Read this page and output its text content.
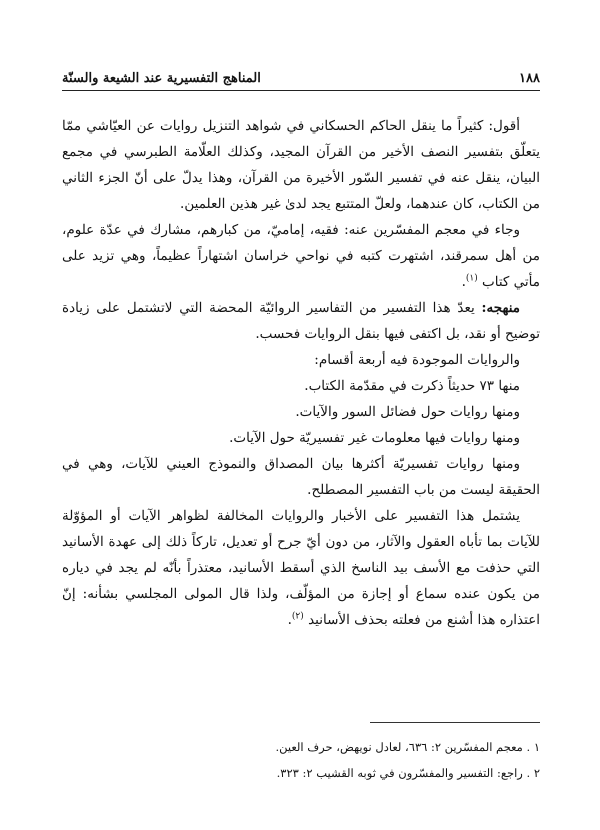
١٨٨
المناهج التفسيرية عند الشيعة والسنّة

أقول: كثيراً ما ينقل الحاكم الحسكاني في شواهد التنزيل روايات عن العيّاشي ممّا يتعلّق بتفسير النصف الأخير من القرآن المجيد، وكذلك العلّامة الطبرسي في مجمع البيان، ينقل عنه في تفسير السّور الأخيرة من القرآن، وهذا يدلّ على أنّ الجزء الثاني من الكتاب، كان عندهما، ولعلّ المتتبع يجد لدىٰ غير هذين العلمين.

وجاء في معجم المفسّرين عنه: فقيه، إماميّ، من كبارهم، مشارك في عدّة علوم، من أهل سمرقند، اشتهرت كتبه في نواحي خراسان اشتهاراً عظيماً، وهي تزيد على مأتي كتاب $^{(١)}$.

منهجه: يعدّ هذا التفسير من التفاسير الروائيّة المحضة التي لاتشتمل على زيادة توضيح أو نقد، بل اكتفى فيها بنقل الروايات فحسب.

والروايات الموجودة فيه أربعة أقسام:

منها ٧٣ حديثاً ذكرت في مقدّمة الكتاب.

ومنها روايات حول فضائل السور والآيات.

ومنها روايات فيها معلومات غير تفسيريّة حول الآيات.

ومنها روايات تفسيريّة أكثرها بيان المصداق والنموذج العيني للآيات، وهي في الحقيقة ليست من باب التفسير المصطلح.

يشتمل هذا التفسير على الأخبار والروايات المخالفة لظواهر الآيات أو المؤوّلة للآيات بما تأباه العقول والآثار، من دون أيّ جرح أو تعديل، تاركاً ذلك إلى عهدة الأسانيد التي حذفت مع الأسف بيد الناسخ الذي أسقط الأسانيد، معتذراً بأنّه لم يجد في دياره من يكون عنده سماع أو إجازة من المؤلّف، ولذا قال المولى المجلسي بشأنه: إنّ اعتذاره هذا أشنع من فعلته بحذف الأسانيد $^{(٢)}$.

١ . معجم المفسّرين ٢: ٦٣٦، لعادل نويهض، حرف العين.
٢ . راجع: التفسير والمفسّرون في ثوبه القشيب ٢: ٣٢٣.
